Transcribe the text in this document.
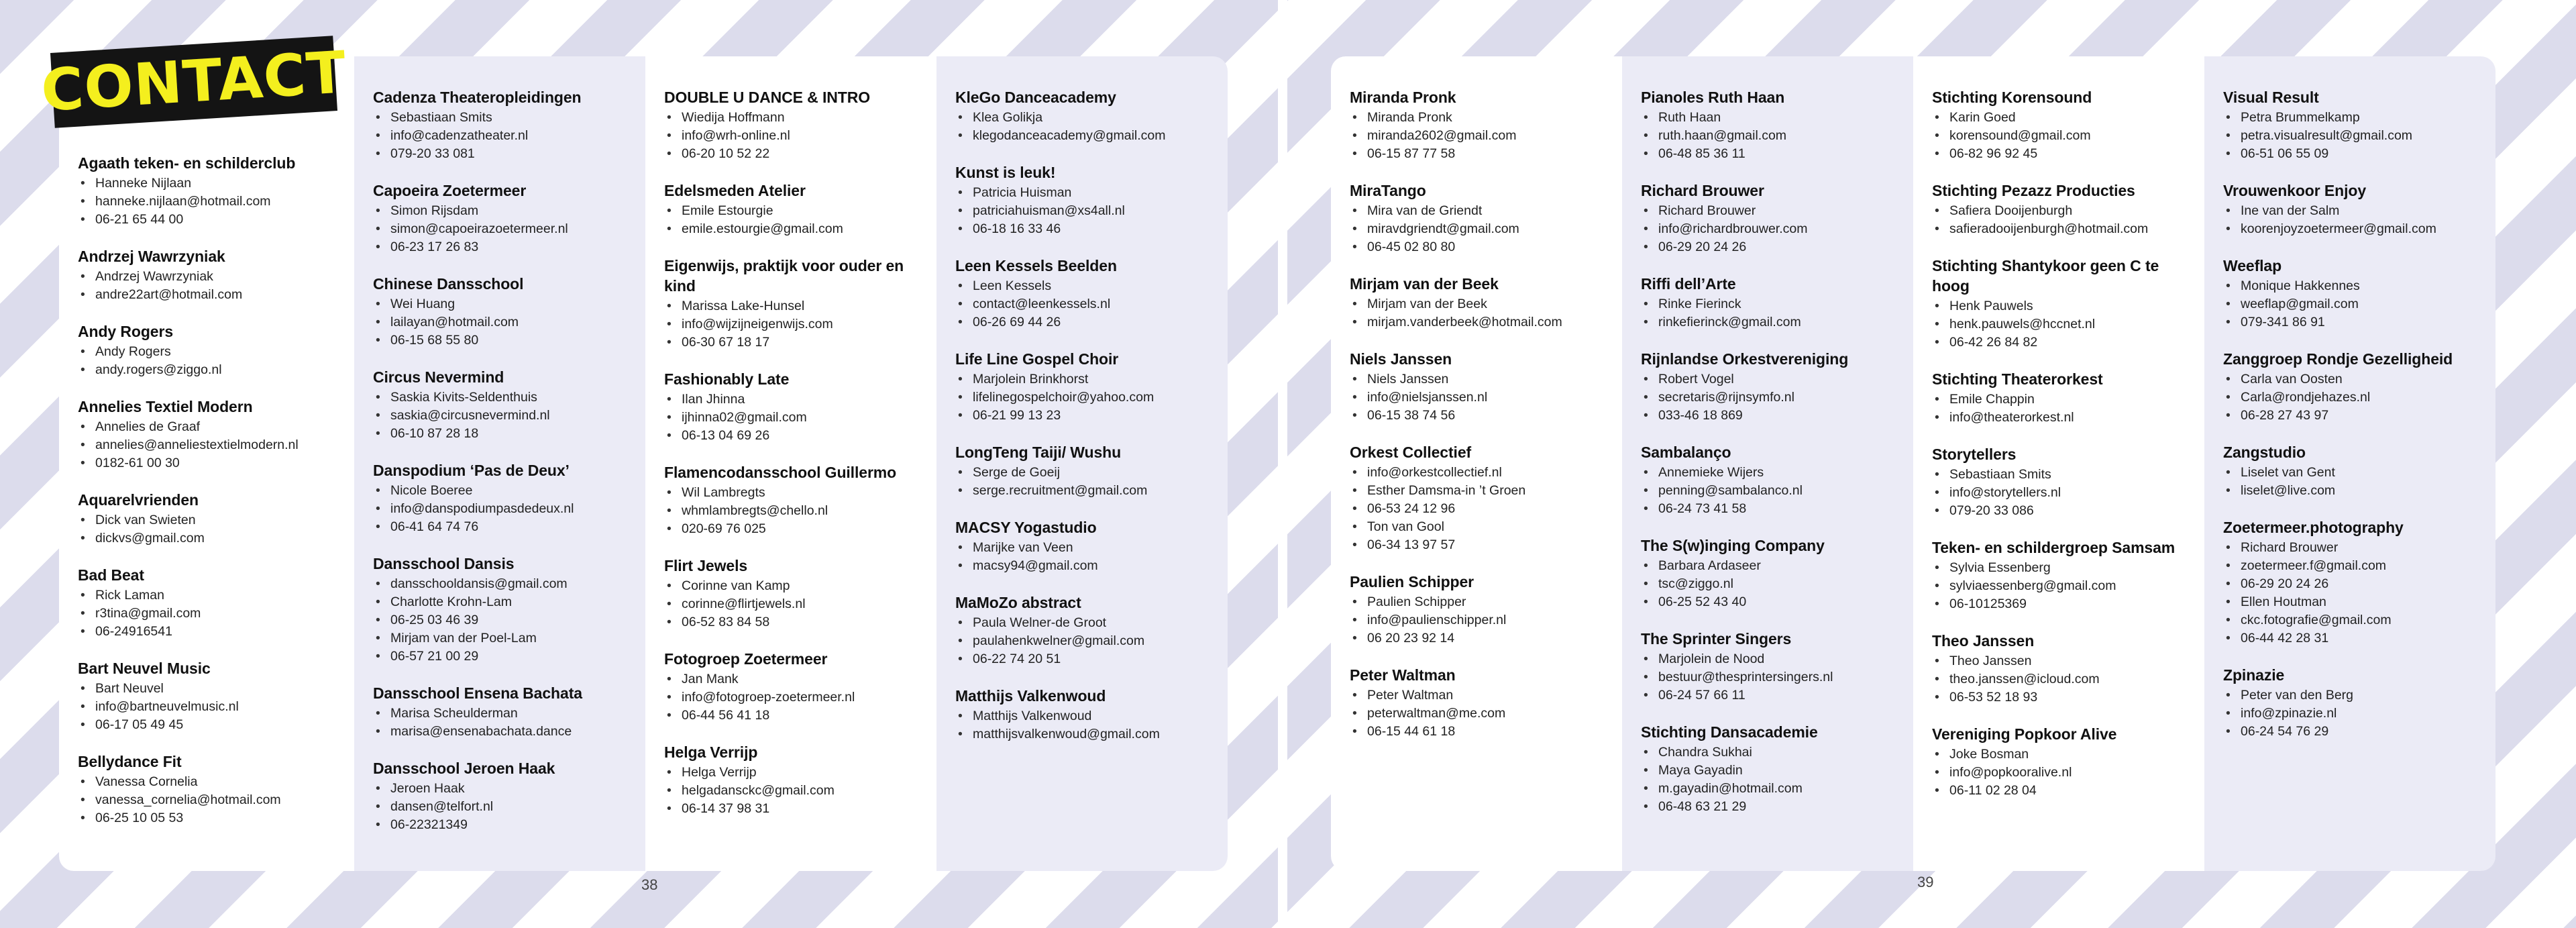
Agaath teken- en schilderclub
• Hanneke Nijlaan
• hanneke.nijlaan@hotmail.com
• 06-21 65 44 00
Andrzej Wawrzyniak
• Andrzej Wawrzyniak
• andre22art@hotmail.com
Andy Rogers
• Andy Rogers
• andy.rogers@ziggo.nl
Annelies Textiel Modern
• Annelies de Graaf
• annelies@anneliestextielmodern.nl
• 0182-61 00 30
Aquarelvrienden
• Dick van Swieten
• dickvs@gmail.com
Bad Beat
• Rick Laman
• r3tina@gmail.com
• 06-24916541
Bart Neuvel Music
• Bart Neuvel
• info@bartneuvelmusic.nl
• 06-17 05 49 45
Bellydance Fit
• Vanessa Cornelia
• vanessa_cornelia@hotmail.com
• 06-25 10 05 53
Cadenza Theateropleidingen
• Sebastiaan Smits
• info@cadenzatheater.nl
• 079-20 33 081
Capoeira Zoetermeer
• Simon Rijsdam
• simon@capoeirazoetermeer.nl
• 06-23 17 26 83
Chinese Dansschool
• Wei Huang
• lailayan@hotmail.com
• 06-15 68 55 80
Circus Nevermind
• Saskia Kivits-Seldenthuis
• saskia@circusnevermind.nl
• 06-10 87 28 18
Danspodium ‘Pas de Deux’
• Nicole Boeree
• info@danspodiumpasdedeux.nl
• 06-41 64 74 76
Dansschool Dansis
• dansschooldansis@gmail.com
• Charlotte Krohn-Lam
• 06-25 03 46 39
• Mirjam van der Poel-Lam
• 06-57 21 00 29
Dansschool Ensena Bachata
• Marisa Scheulderman
• marisa@ensenabachata.dance
Dansschool Jeroen Haak
• Jeroen Haak
• dansen@telfort.nl
• 06-22321349
DOUBLE U DANCE & INTRO
• Wiedija Hoffmann
• info@wrh-online.nl
• 06-20 10 52 22
Edelsmeden Atelier
• Emile Estourgie
• emile.estourgie@gmail.com
Eigenwijs, praktijk voor ouder en kind
• Marissa Lake-Hunsel
• info@wijzijneigenwijs.com
• 06-30 67 18 17
Fashionably Late
• Ilan Jhinna
• ijhinna02@gmail.com
• 06-13 04 69 26
Flamencodansschool Guillermo
• Wil Lambregts
• whmlambregts@chello.nl
• 020-69 76 025
Flirt Jewels
• Corinne van Kamp
• corinne@flirtjewels.nl
• 06-52 83 84 58
Fotogroep Zoetermeer
• Jan Mank
• info@fotogroep-zoetermeer.nl
• 06-44 56 41 18
Helga Verrijp
• Helga Verrijp
• helgadansckc@gmail.com
• 06-14 37 98 31
KleGo Danceacademy
• Klea Golikja
• klegodanceacademy@gmail.com
Kunst is leuk!
• Patricia Huisman
• patriciahuisman@xs4all.nl
• 06-18 16 33 46
Leen Kessels Beelden
• Leen Kessels
• contact@leenkessels.nl
• 06-26 69 44 26
Life Line Gospel Choir
• Marjolein Brinkhorst
• lifelinegospelchoir@yahoo.com
• 06-21 99 13 23
LongTeng Taiji/ Wushu
• Serge de Goeij
• serge.recruitment@gmail.com
MACSY Yogastudio
• Marijke van Veen
• macsy94@gmail.com
MaMoZo abstract
• Paula Welner-de Groot
• paulahenkwelner@gmail.com
• 06-22 74 20 51
Matthijs Valkenwoud
• Matthijs Valkenwoud
• matthijsvalkenwoud@gmail.com
Miranda Pronk
• Miranda Pronk
• miranda2602@gmail.com
• 06-15 87 77 58
MiraTango
• Mira van de Griendt
• miravdgriendt@gmail.com
• 06-45 02 80 80
Mirjam van der Beek
• Mirjam van der Beek
• mirjam.vanderbeek@hotmail.com
Niels Janssen
• Niels Janssen
• info@nielsjanssen.nl
• 06-15 38 74 56
Orkest Collectief
• info@orkestcollectief.nl
• Esther Damsma-in ’t Groen
• 06-53 24 12 96
• Ton van Gool
• 06-34 13 97 57
Paulien Schipper
• Paulien Schipper
• info@paulienschipper.nl
• 06 20 23 92 14
Peter Waltman
• Peter Waltman
• peterwaltman@me.com
• 06-15 44 61 18
Pianoles Ruth Haan
• Ruth Haan
• ruth.haan@gmail.com
• 06-48 85 36 11
Richard Brouwer
• Richard Brouwer
• info@richardbrouwer.com
• 06-29 20 24 26
Riffi dell’Arte
• Rinke Fierinck
• rinkefierinck@gmail.com
Rijnlandse Orkestvereniging
• Robert Vogel
• secretaris@rijnsymfo.nl
• 033-46 18 869
Sambalanço
• Annemieke Wijers
• penning@sambalanco.nl
• 06-24 73 41 58
The S(w)inging Company
• Barbara Ardaseer
• tsc@ziggo.nl
• 06-25 52 43 40
The Sprinter Singers
• Marjolein de Nood
• bestuur@thesprintersingers.nl
• 06-24 57 66 11
Stichting Dansacademie
• Chandra Sukhai
• Maya Gayadin
• m.gayadin@hotmail.com
• 06-48 63 21 29
Stichting Korensound
• Karin Goed
• korensound@gmail.com
• 06-82 96 92 45
Stichting Pezazz Producties
• Safiera Dooijenburgh
• safieradooijenburgh@hotmail.com
Stichting Shantykoor geen C te hoog
• Henk Pauwels
• henk.pauwels@hccnet.nl
• 06-42 26 84 82
Stichting Theaterorkest
• Emile Chappin
• info@theaterorkest.nl
Storytellers
• Sebastiaan Smits
• info@storytellers.nl
• 079-20 33 086
Teken- en schildergroep Samsam
• Sylvia Essenberg
• sylviaessenberg@gmail.com
• 06-10125369
Theo Janssen
• Theo Janssen
• theo.janssen@icloud.com
• 06-53 52 18 93
Vereniging Popkoor Alive
• Joke Bosman
• info@popkooralive.nl
• 06-11 02 28 04
Visual Result
• Petra Brummelkamp
• petra.visualresult@gmail.com
• 06-51 06 55 09
Vrouwenkoor Enjoy
• Ine van der Salm
• koorenjoyzoetermeer@gmail.com
Weeflap
• Monique Hakkennes
• weeflap@gmail.com
• 079-341 86 91
Zanggroep Rondje Gezelligheid
• Carla van Oosten
• Carla@rondjehazes.nl
• 06-28 27 43 97
Zangstudio
• Liselet van Gent
• liselet@live.com
Zoetermeer.photography
• Richard Brouwer
• zoetermeer.f@gmail.com
• 06-29 20 24 26
• Ellen Houtman
• ckc.fotografie@gmail.com
• 06-44 42 28 31
Zpinazie
• Peter van den Berg
• info@zpinazie.nl
• 06-24 54 76 29
CONTACT
38	39
